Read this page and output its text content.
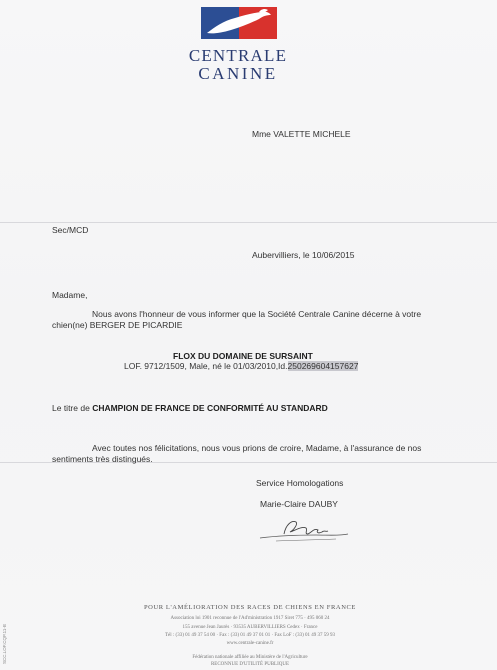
CENTRALE
CANINE
Mme VALETTE MICHELE
Sec/MCD
Aubervilliers, le 10/06/2015
Madame,
Nous avons l'honneur de vous informer que la Société Centrale Canine décerne à votre
chien(ne) BERGER DE PICARDIE
FLOX DU DOMAINE DE SURSAINT
LOF. 9712/1509, Male, né le 01/03/2010,Id.250269604157627
Le titre de CHAMPION DE FRANCE DE CONFORMITÉ AU STANDARD
Avec toutes nos félicitations, nous vous prions de croire, Madame, à l'assurance de nos
sentiments très distingués.
Service Homologations
Marie-Claire DAUBY
POUR L'AMÉLIORATION DES RACES DE CHIENS EN FRANCE
Association loi 1901 reconnue de l'Ad'ministration 1917 Siret 775 · 495 060 24
155 avenue Jean Jaurès · 93535 AUBERVILLIERS Cedex · France
Tél : (33) 01 49 37 54 00 · Fax : (33) 01 49 37 01 01 · Fax LoF : (33) 01 49 37 59 93
www.centrale-canine.fr
Fédération nationale affiliée au Ministère de l'Agriculture
RECONNUE D'UTILITÉ PUBLIQUE
SCC.LOF.CQP.11-B
